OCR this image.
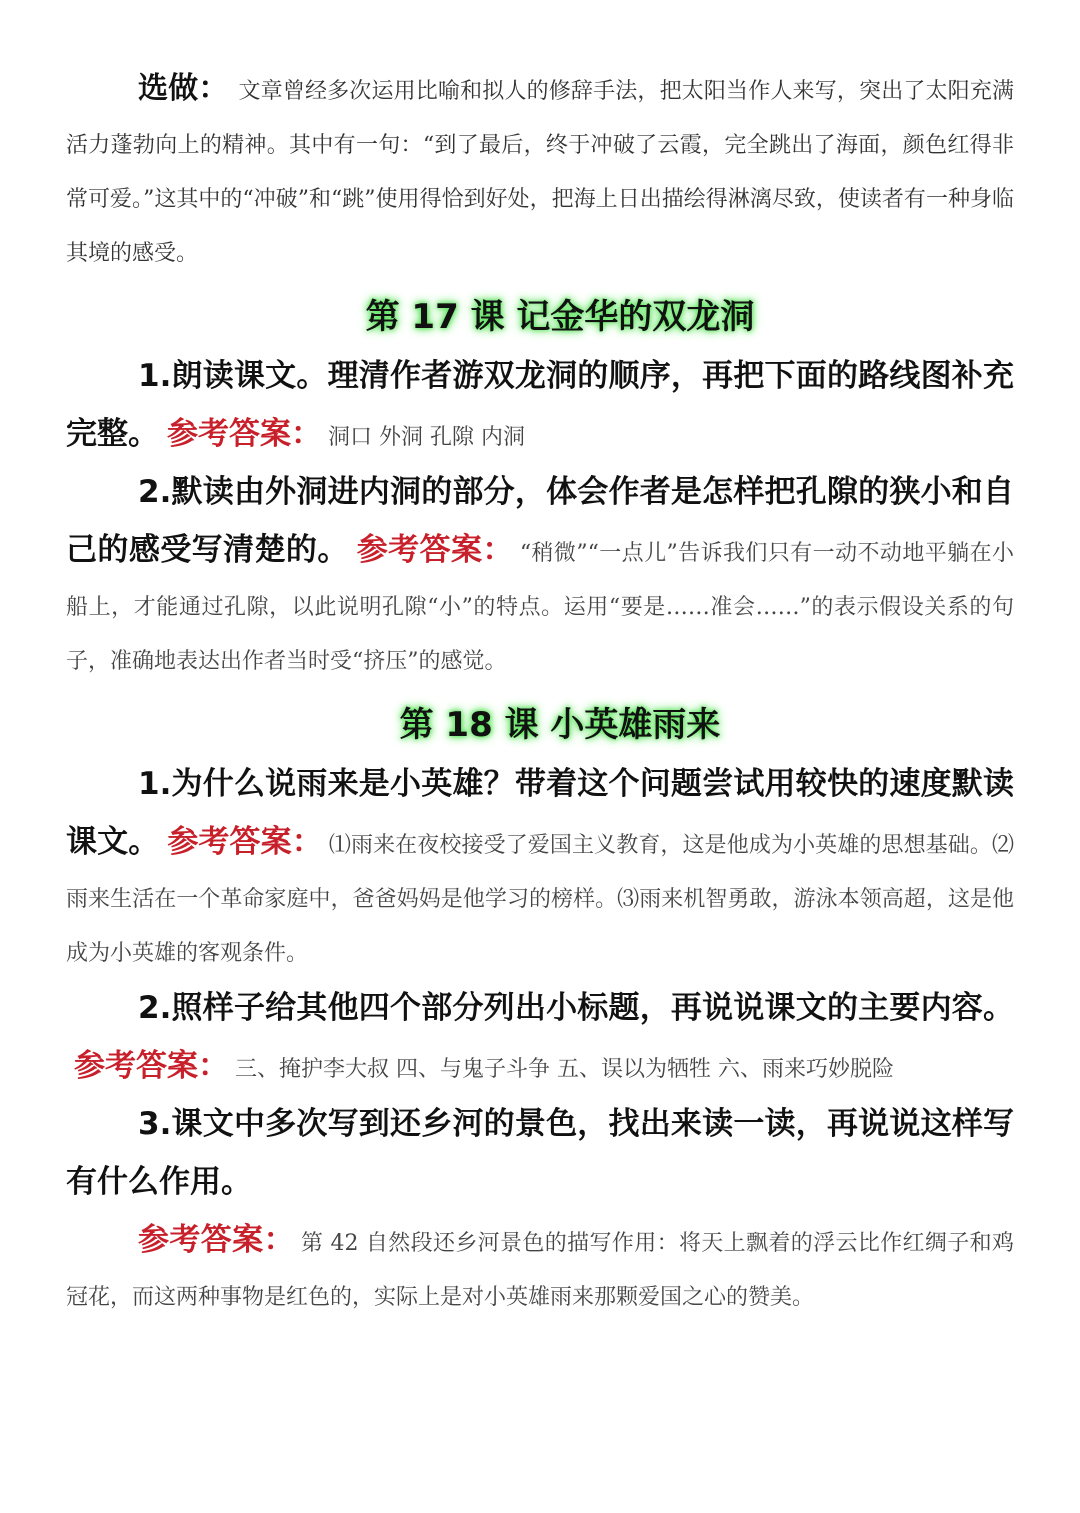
选做： 文章曾经多次运用比喻和拟人的修辞手法，把太阳当作人来写，突出了太阳充满活力蓬勃向上的精神。其中有一句：“到了最后，终于冲破了云霞，完全跳出了海面，颜色红得非常可爱。”这其中的“冲破”和“跳”使用得恰到好处，把海上日出描绘得淋漓尽致，使读者有一种身临其境的感受。

第 17 课 记金华的双龙洞

1.朗读课文。理清作者游双龙洞的顺序，再把下面的路线图补充完整。 参考答案： 洞口 外洞 孔隙 内洞

2.默读由外洞进内洞的部分，体会作者是怎样把孔隙的狭小和自己的感受写清楚的。 参考答案： “稍微”“一点儿”告诉我们只有一动不动地平躺在小船上，才能通过孔隙，以此说明孔隙“小”的特点。运用“要是……准会……”的表示假设关系的句子，准确地表达出作者当时受“挤压”的感觉。

第 18 课 小英雄雨来

1.为什么说雨来是小英雄？带着这个问题尝试用较快的速度默读课文。 参考答案： ⑴雨来在夜校接受了爱国主义教育，这是他成为小英雄的思想基础。⑵雨来生活在一个革命家庭中，爸爸妈妈是他学习的榜样。⑶雨来机智勇敢，游泳本领高超，这是他成为小英雄的客观条件。

2.照样子给其他四个部分列出小标题，再说说课文的主要内容。参考答案： 三、掩护李大叔 四、与鬼子斗争 五、误以为牺牲 六、雨来巧妙脱险

3.课文中多次写到还乡河的景色，找出来读一读，再说说这样写有什么作用。

参考答案： 第 42 自然段还乡河景色的描写作用：将天上飘着的浮云比作红绸子和鸡冠花，而这两种事物是红色的，实际上是对小英雄雨来那颗爱国之心的赞美。
